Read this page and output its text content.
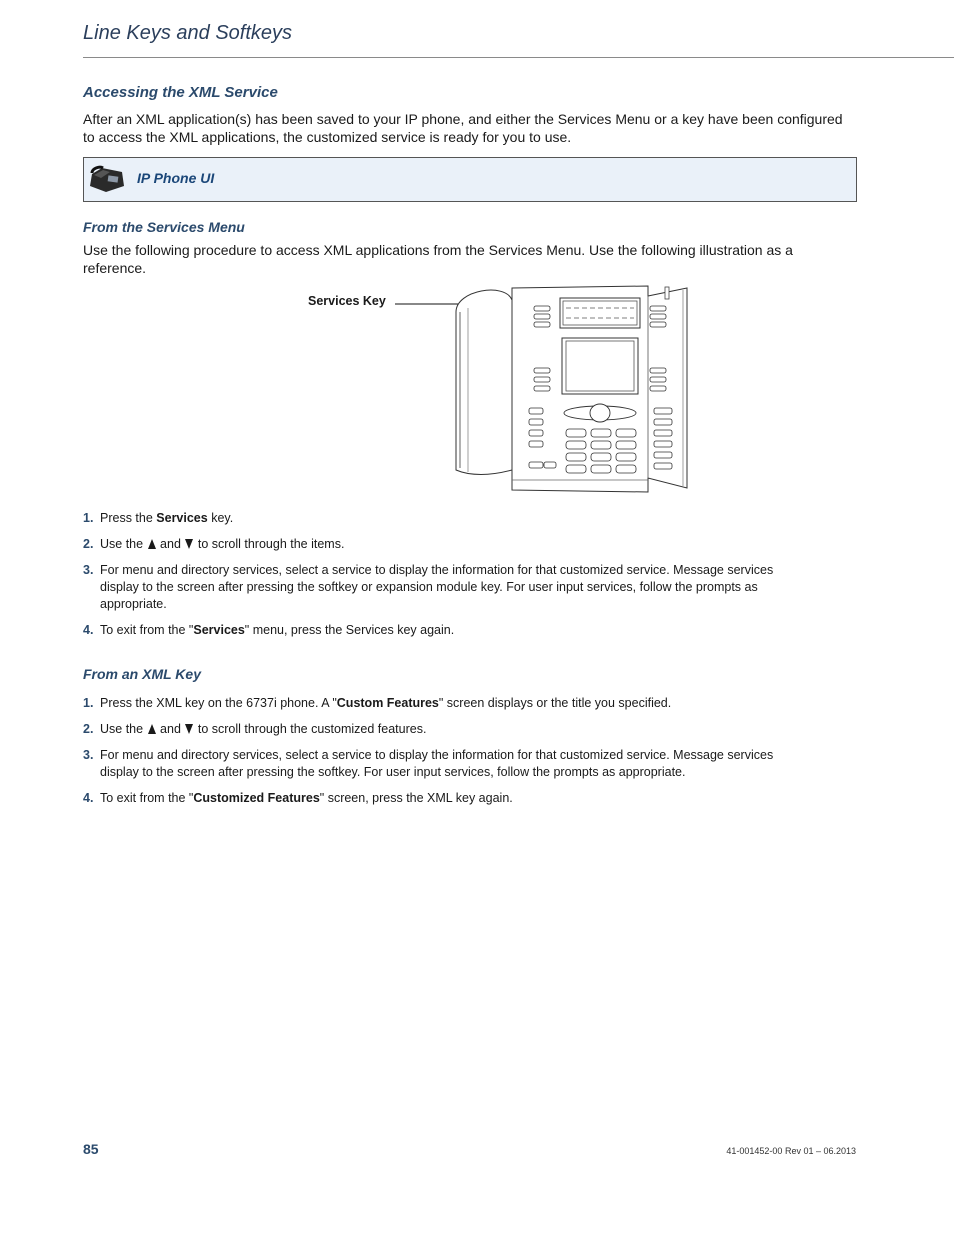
Line Keys and Softkeys
Accessing the XML Service
After an XML application(s) has been saved to your IP phone, and either the Services Menu or a key have been configured to access the XML applications, the customized service is ready for you to use.
IP Phone UI
From the Services Menu
Use the following procedure to access XML applications from the Services Menu. Use the following illustration as a reference.
Services Key
1. Press the Services key.
2. Use the  and  to scroll through the items.
3. For menu and directory services, select a service to display the information for that customized service. Message services display to the screen after pressing the softkey or expansion module key. For user input services, follow the prompts as appropriate.
4. To exit from the "Services" menu, press the Services key again.
From an XML Key
1. Press the XML key on the 6737i phone. A "Custom Features" screen displays or the title you specified.
2. Use the  and  to scroll through the customized features.
3. For menu and directory services, select a service to display the information for that customized service. Message services display to the screen after pressing the softkey. For user input services, follow the prompts as appropriate.
4. To exit from the "Customized Features" screen, press the XML key again.
85	41-001452-00 Rev 01 – 06.2013
